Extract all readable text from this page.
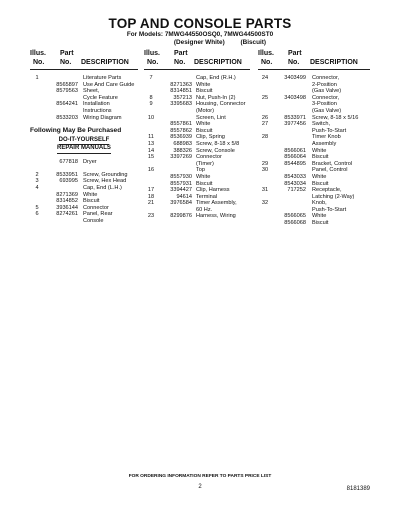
TOP AND CONSOLE PARTS
For Models: 7MWG44550OSQ0, 7MWG44500ST0
(Designer White) (Biscuit)
Illus.
No.
Part
No. DESCRIPTION
1	Literature Parts
8565897 Use And Care Guide
8579563 Sheet,
Cycle Feature
8564241 Installation
Instructions
8533203 Wiring Diagram
Following May Be Purchased
DO-IT-YOURSELF
REPAIR MANUALS
677818 Dryer
2	8533951 Screw, Grounding
3	693995 Screw, Hex Head
4	Cap, End (L.H.)
8271369 White
8314852 Biscuit
5	3936144 Connector
6	8274261 Panel, Rear
Console
Illus.
No.
Part
No. DESCRIPTION
7	Cap, End (R.H.)
8271363 White
8314851 Biscuit
8	357213 Nut, Push-In (2)
9	3395683 Housing, Connector
(Motor)
10	Screen, Lint
8557861 White
8557862 Biscuit
11	8536939 Clip, Spring
13	688983 Screw, 8-18 x 5/8
14	388326 Screw, Console
15	3397269 Connector
(Timer)
16	Top
8557930 White
8557931 Biscuit
17	3394427 Clip, Harness
18	94614 Terminal
21	3976584 Timer Assembly,
60 Hz.
23	8299876 Harness, Wiring
Illus.
No.
Part
No. DESCRIPTION
24	3403499 Connector,
2-Position
(Gas Valve)
25	3403498 Connector,
3-Position
(Gas Valve)
26	8533971 Screw, 8-18 x 5/16
27	3977456 Switch,
Push-To-Start
28	Timer Knob
Assembly
8566061 White
8566064 Biscuit
29	8544895 Bracket, Control
30	Panel, Control
8543033 White
8543034 Biscuit
31	717252 Receptacle,
Latching (2-Way)
32	Knob,
Push-To-Start
8566065 White
8566068 Biscuit
FOR ORDERING INFORMATION REFER TO PARTS PRICE LIST
2	8181389
